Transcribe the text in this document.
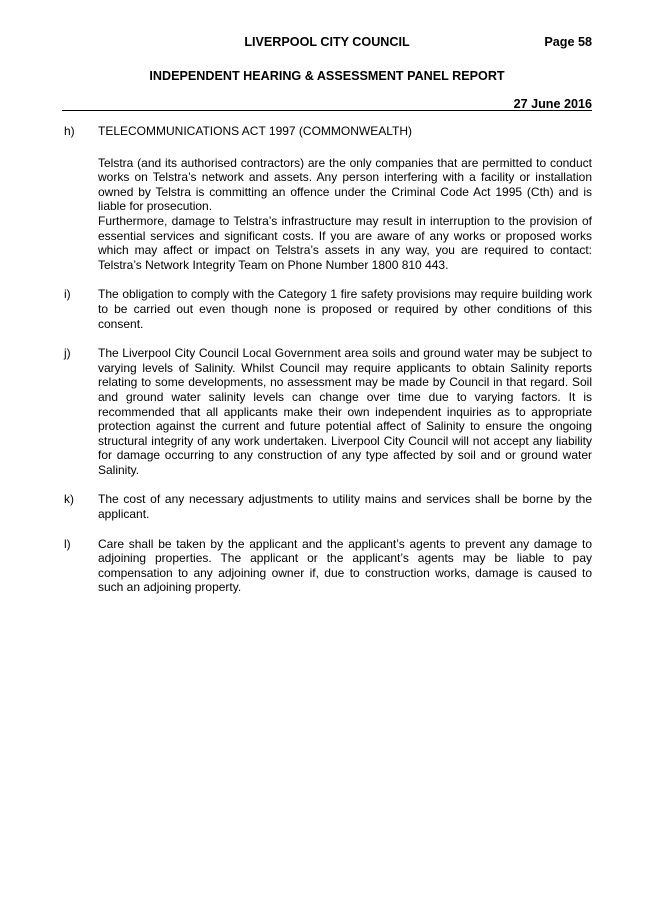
LIVERPOOL CITY COUNCIL	Page 58
INDEPENDENT HEARING & ASSESSMENT PANEL REPORT
27 June 2016
h)	TELECOMMUNICATIONS ACT 1997 (COMMONWEALTH)

Telstra (and its authorised contractors) are the only companies that are permitted to conduct works on Telstra’s network and assets. Any person interfering with a facility or installation owned by Telstra is committing an offence under the Criminal Code Act 1995 (Cth) and is liable for prosecution.

Furthermore, damage to Telstra’s infrastructure may result in interruption to the provision of essential services and significant costs. If you are aware of any works or proposed works which may affect or impact on Telstra’s assets in any way, you are required to contact: Telstra’s Network Integrity Team on Phone Number 1800 810 443.

i)	The obligation to comply with the Category 1 fire safety provisions may require building work to be carried out even though none is proposed or required by other conditions of this consent.

j)	The Liverpool City Council Local Government area soils and ground water may be subject to varying levels of Salinity. Whilst Council may require applicants to obtain Salinity reports relating to some developments, no assessment may be made by Council in that regard. Soil and ground water salinity levels can change over time due to varying factors. It is recommended that all applicants make their own independent inquiries as to appropriate protection against the current and future potential affect of Salinity to ensure the ongoing structural integrity of any work undertaken. Liverpool City Council will not accept any liability for damage occurring to any construction of any type affected by soil and or ground water Salinity.

k)	The cost of any necessary adjustments to utility mains and services shall be borne by the applicant.

l)	Care shall be taken by the applicant and the applicant’s agents to prevent any damage to adjoining properties. The applicant or the applicant’s agents may be liable to pay compensation to any adjoining owner if, due to construction works, damage is caused to such an adjoining property.
